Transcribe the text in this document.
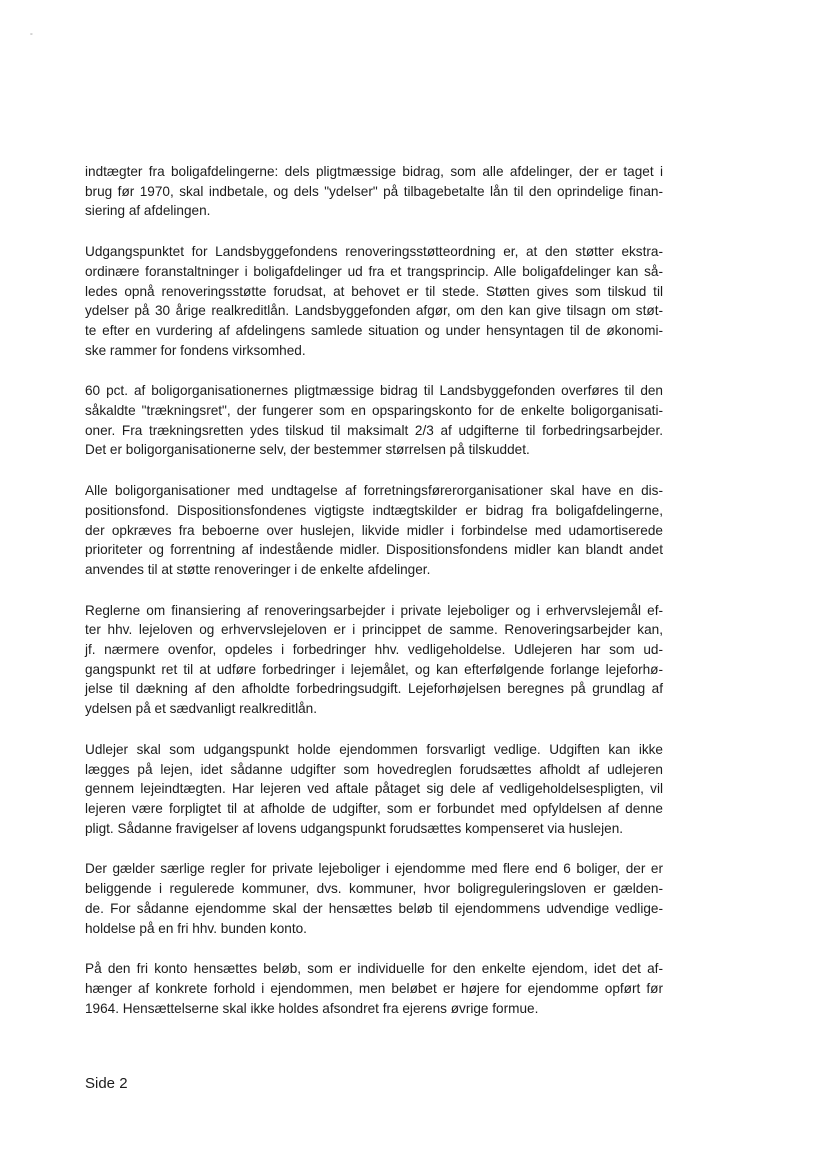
°

indtægter fra boligafdelingerne: dels pligtmæssige bidrag, som alle afdelinger, der er taget i
brug før 1970, skal indbetale, og dels "ydelser" på tilbagebetalte lån til den oprindelige finan-
siering af afdelingen.

Udgangspunktet for Landsbyggefondens renoveringsstøtteordning er, at den støtter ekstra-
ordinære foranstaltninger i boligafdelinger ud fra et trangsprincip. Alle boligafdelinger kan så-
ledes opnå renoveringsstøtte forudsat, at behovet er til stede. Støtten gives som tilskud til
ydelser på 30 årige realkreditlån. Landsbyggefonden afgør, om den kan give tilsagn om støt-
te efter en vurdering af afdelingens samlede situation og under hensyntagen til de økonomi-
ske rammer for fondens virksomhed.

60 pct. af boligorganisationernes pligtmæssige bidrag til Landsbyggefonden overføres til den
såkaldte "trækningsret", der fungerer som en opsparingskonto for de enkelte boligorganisati-
oner. Fra trækningsretten ydes tilskud til maksimalt 2/3 af udgifterne til forbedringsarbejder.
Det er boligorganisationerne selv, der bestemmer størrelsen på tilskuddet.

Alle boligorganisationer med undtagelse af forretningsførerorganisationer skal have en dis-
positionsfond. Dispositionsfondenes vigtigste indtægtskilder er bidrag fra boligafdelingerne,
der opkræves fra beboerne over huslejen, likvide midler i forbindelse med udamortiserede
prioriteter og forrentning af indestående midler. Dispositionsfondens midler kan blandt andet
anvendes til at støtte renoveringer i de enkelte afdelinger.

Reglerne om finansiering af renoveringsarbejder i private lejeboliger og i erhvervslejemål ef-
ter hhv. lejeloven og erhvervslejeloven er i princippet de samme. Renoveringsarbejder kan,
jf. nærmere ovenfor, opdeles i forbedringer hhv. vedligeholdelse. Udlejeren har som ud-
gangspunkt ret til at udføre forbedringer i lejemålet, og kan efterfølgende forlange lejeforhø-
jelse til dækning af den afholdte forbedringsudgift. Lejeforhøjelsen beregnes på grundlag af
ydelsen på et sædvanligt realkreditlån.

Udlejer skal som udgangspunkt holde ejendommen forsvarligt vedlige. Udgiften kan ikke
lægges på lejen, idet sådanne udgifter som hovedreglen forudsættes afholdt af udlejeren
gennem lejeindtægten. Har lejeren ved aftale påtaget sig dele af vedligeholdelsespligten, vil
lejeren være forpligtet til at afholde de udgifter, som er forbundet med opfyldelsen af denne
pligt. Sådanne fravigelser af lovens udgangspunkt forudsættes kompenseret via huslejen.

Der gælder særlige regler for private lejeboliger i ejendomme med flere end 6 boliger, der er
beliggende i regulerede kommuner, dvs. kommuner, hvor boligreguleringsloven er gælden-
de. For sådanne ejendomme skal der hensættes beløb til ejendommens udvendige vedlige-
holdelse på en fri hhv. bunden konto.

På den fri konto hensættes beløb, som er individuelle for den enkelte ejendom, idet det af-
hænger af konkrete forhold i ejendommen, men beløbet er højere for ejendomme opført før
1964. Hensættelserne skal ikke holdes afsondret fra ejerens øvrige formue.

Side 2
